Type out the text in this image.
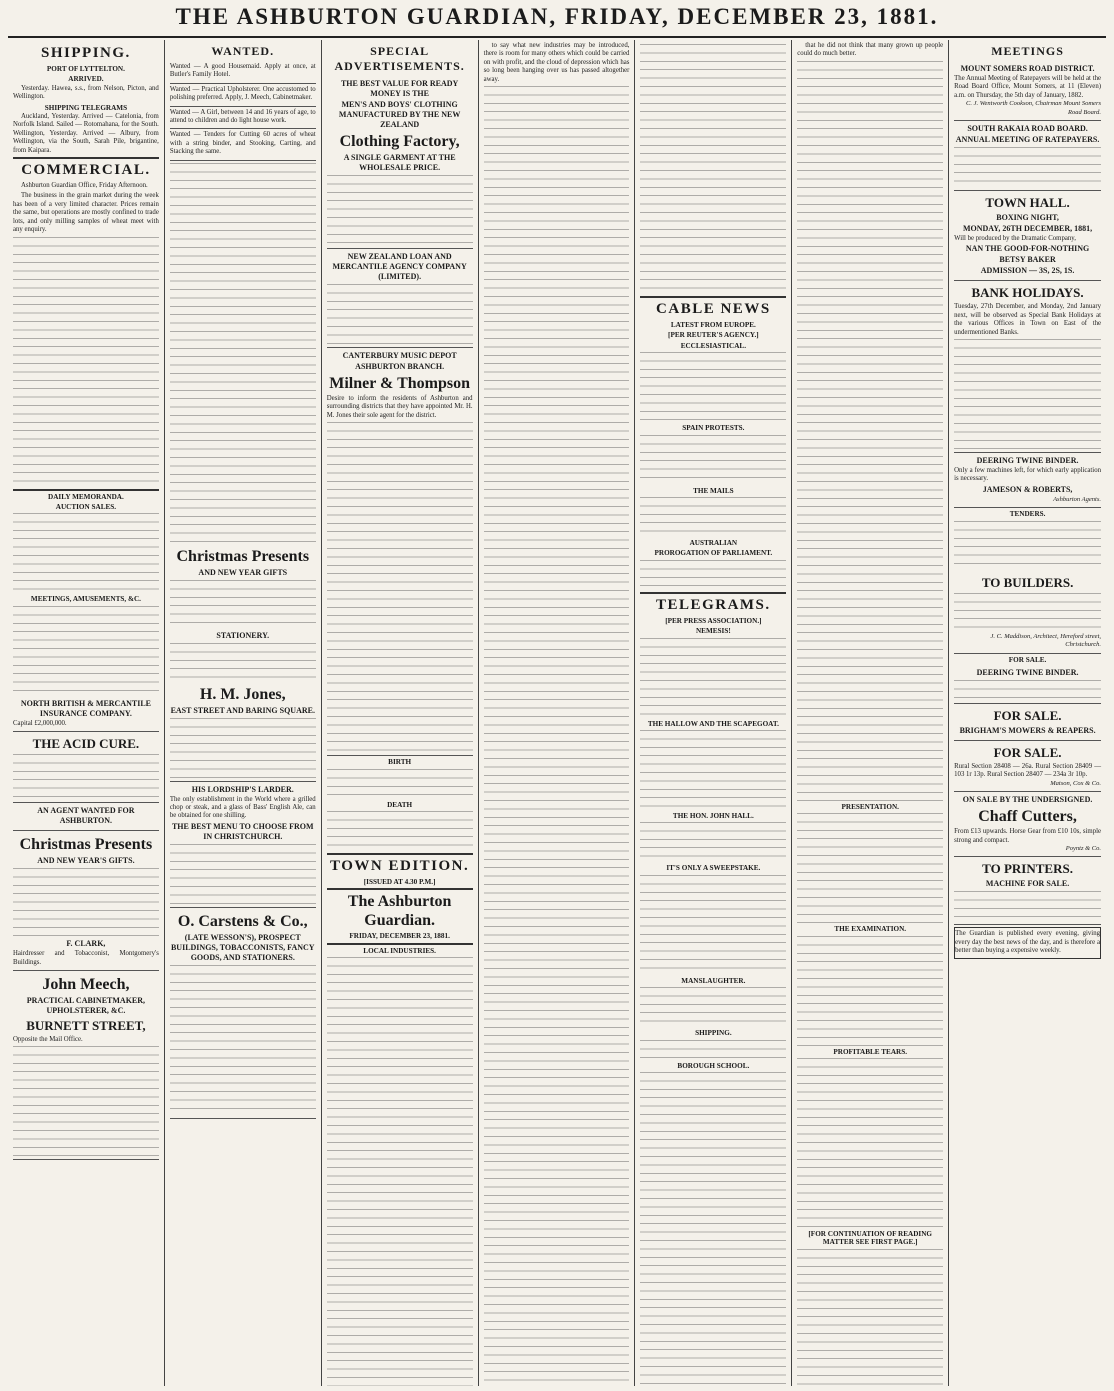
THE ASHBURTON GUARDIAN, FRIDAY, DECEMBER 23, 1881.
SHIPPING.
PORT OF LYTTELTON.
ARRIVED.

Yesterday. Hawea, s.s., from Nelson, Picton, and Wellington.

SHIPPING TELEGRAMS

Auckland, Yesterday. Arrived — Catelonia, from Norfolk Island. Sailed — Rotomahana, for the South. Wellington, Yesterday. Arrived — Albury, from Wellington, via the South, Sarah Pile, brigantine, from Kaipara.

COMMERCIAL.

Ashburton Guardian Office, Friday Afternoon.

The business in the grain market during the week has been of a very limited character. Prices remain the same, but operations are mostly confined to trade lots, and only milling samples of wheat meet with any enquiry.

DAILY MEMORANDA.
AUCTION SALES.
MEETINGS, AMUSEMENTS, &C.
NORTH BRITISH & MERCANTILE INSURANCE COMPANY.
Capital £2,000,000.
THE ACID CURE.
AN AGENT WANTED FOR ASHBURTON.
Christmas Presents
AND NEW YEAR'S GIFTS.
F. CLARK,
Hairdresser and Tobacconist, Montgomery's Buildings.
John Meech,
PRACTICAL CABINETMAKER, UPHOLSTERER, &C.
BURNETT STREET,
Opposite the Mail Office.
WANTED.
Wanted — A good Housemaid. Apply at once, at Butler's Family Hotel.
Wanted — Practical Upholsterer. One accustomed to polishing preferred. Apply, J. Meech, Cabinetmaker.
Wanted — A Girl, between 14 and 16 years of age, to attend to children and do light house work.
Wanted — Tenders for Cutting 60 acres of wheat with a string binder, and Stooking, Carting, and Stacking the same.
Christmas Presents
AND NEW YEAR GIFTS
STATIONERY.
H. M. Jones,
EAST STREET AND BARING SQUARE.
HIS LORDSHIP'S LARDER.
The only establishment in the World where a grilled chop or steak, and a glass of Bass' English Ale, can be obtained for one shilling.
THE BEST MENU TO CHOOSE FROM IN CHRISTCHURCH.
O. Carstens & Co.,
(LATE WESSON'S), PROSPECT BUILDINGS, TOBACCONISTS, FANCY GOODS, AND STATIONERS.
SPECIAL ADVERTISEMENTS.
THE BEST VALUE FOR READY MONEY IS THE
MEN'S AND BOYS' CLOTHING MANUFACTURED BY THE NEW ZEALAND
Clothing Factory,
A SINGLE GARMENT AT THE WHOLESALE PRICE.
NEW ZEALAND LOAN AND MERCANTILE AGENCY COMPANY (LIMITED).
CANTERBURY MUSIC DEPOT
ASHBURTON BRANCH.
Milner & Thompson
Desire to inform the residents of Ashburton and surrounding districts that they have appointed Mr. H. M. Jones their sole agent for the district.
BIRTH
DEATH
TOWN EDITION.
[ISSUED AT 4.30 P.M.]
The Ashburton Guardian.
FRIDAY, DECEMBER 23, 1881.
LOCAL INDUSTRIES.

to say what new industries may be introduced, there is room for many others which could be carried on with profit, and the cloud of depression which has so long been hanging over us has passed altogether away.

CABLE NEWS
LATEST FROM EUROPE.
[PER REUTER'S AGENCY.]
ECCLESIASTICAL.
SPAIN PROTESTS.
THE MAILS
AUSTRALIAN
PROROGATION OF PARLIAMENT.
TELEGRAMS.
[PER PRESS ASSOCIATION.]
NEMESIS!
THE HALLOW AND THE SCAPEGOAT.
THE HON. JOHN HALL.
IT'S ONLY A SWEEPSTAKE.
MANSLAUGHTER.
SHIPPING.
BOROUGH SCHOOL.

that he did not think that many grown up people could do much better.

PRESENTATION.
THE EXAMINATION.
PROFITABLE TEARS.
[FOR CONTINUATION OF READING MATTER SEE FIRST PAGE.]
MEETINGS
MOUNT SOMERS ROAD DISTRICT.
The Annual Meeting of Ratepayers will be held at the Road Board Office, Mount Somers, at 11 (Eleven) a.m. on Thursday, the 5th day of January, 1882.
C. J. Wentworth Cookson, Chairman Mount Somers Road Board.
SOUTH RAKAIA ROAD BOARD.
ANNUAL MEETING OF RATEPAYERS.
TOWN HALL.
BOXING NIGHT,
MONDAY, 26TH DECEMBER, 1881,
Will be produced by the Dramatic Company,
NAN THE GOOD-FOR-NOTHING
BETSY BAKER
ADMISSION — 3S, 2S, 1S.
BANK HOLIDAYS.
Tuesday, 27th December, and Monday, 2nd January next, will be observed as Special Bank Holidays at the various Offices in Town on East of the undermentioned Banks.
DEERING TWINE BINDER.
Only a few machines left, for which early application is necessary.
JAMESON & ROBERTS,
Ashburton Agents.
TENDERS.
TO BUILDERS.
J. C. Maddison, Architect, Hereford street, Christchurch.
FOR SALE.
DEERING TWINE BINDER.
FOR SALE.
BRIGHAM'S MOWERS & REAPERS.
FOR SALE.
Rural Section 28408 — 26a. Rural Section 28409 — 103 1r 13p. Rural Section 28407 — 234a 3r 10p.
Matson, Cox & Co.
ON SALE BY THE UNDERSIGNED.
Chaff Cutters,
From £13 upwards. Horse Gear from £10 10s, simple strong and compact.
Poyntz & Co.
TO PRINTERS.
MACHINE FOR SALE.
The Guardian is published every evening, giving every day the best news of the day, and is therefore a better than buying a expensive weekly.
